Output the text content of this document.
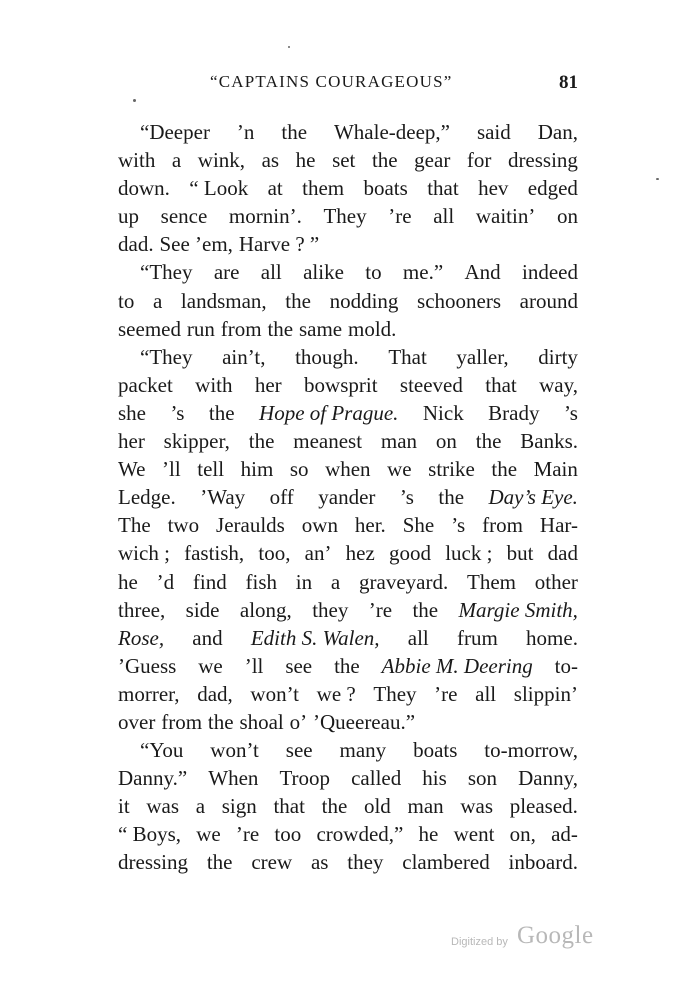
“CAPTAINS COURAGEOUS”	81
“Deeper ’n the Whale-deep,” said Dan,
with a wink, as he set the gear for dressing
down. “ Look at them boats that hev edged
up sence mornin’. They ’re all waitin’ on
dad. See ’em, Harve ? ”
“They are all alike to me.” And indeed
to a landsman, the nodding schooners around
seemed run from the same mold.
“They ain’t, though. That yaller, dirty
packet with her bowsprit steeved that way,
she ’s the Hope of Prague. Nick Brady ’s
her skipper, the meanest man on the Banks.
We ’ll tell him so when we strike the Main
Ledge. ’Way off yander ’s the Day’s Eye.
The two Jeraulds own her. She ’s from Har-
wich ; fastish, too, an’ hez good luck ; but dad
he ’d find fish in a graveyard. Them other
three, side along, they ’re the Margie Smith,
Rose, and Edith S. Walen, all frum home.
’Guess we ’ll see the Abbie M. Deering to-
morrer, dad, won’t we ? They ’re all slippin’
over from the shoal o’ ’Queereau.”
“You won’t see many boats to-morrow,
Danny.” When Troop called his son Danny,
it was a sign that the old man was pleased.
“ Boys, we ’re too crowded,” he went on, ad-
dressing the crew as they clambered inboard.
Digitized by Google
